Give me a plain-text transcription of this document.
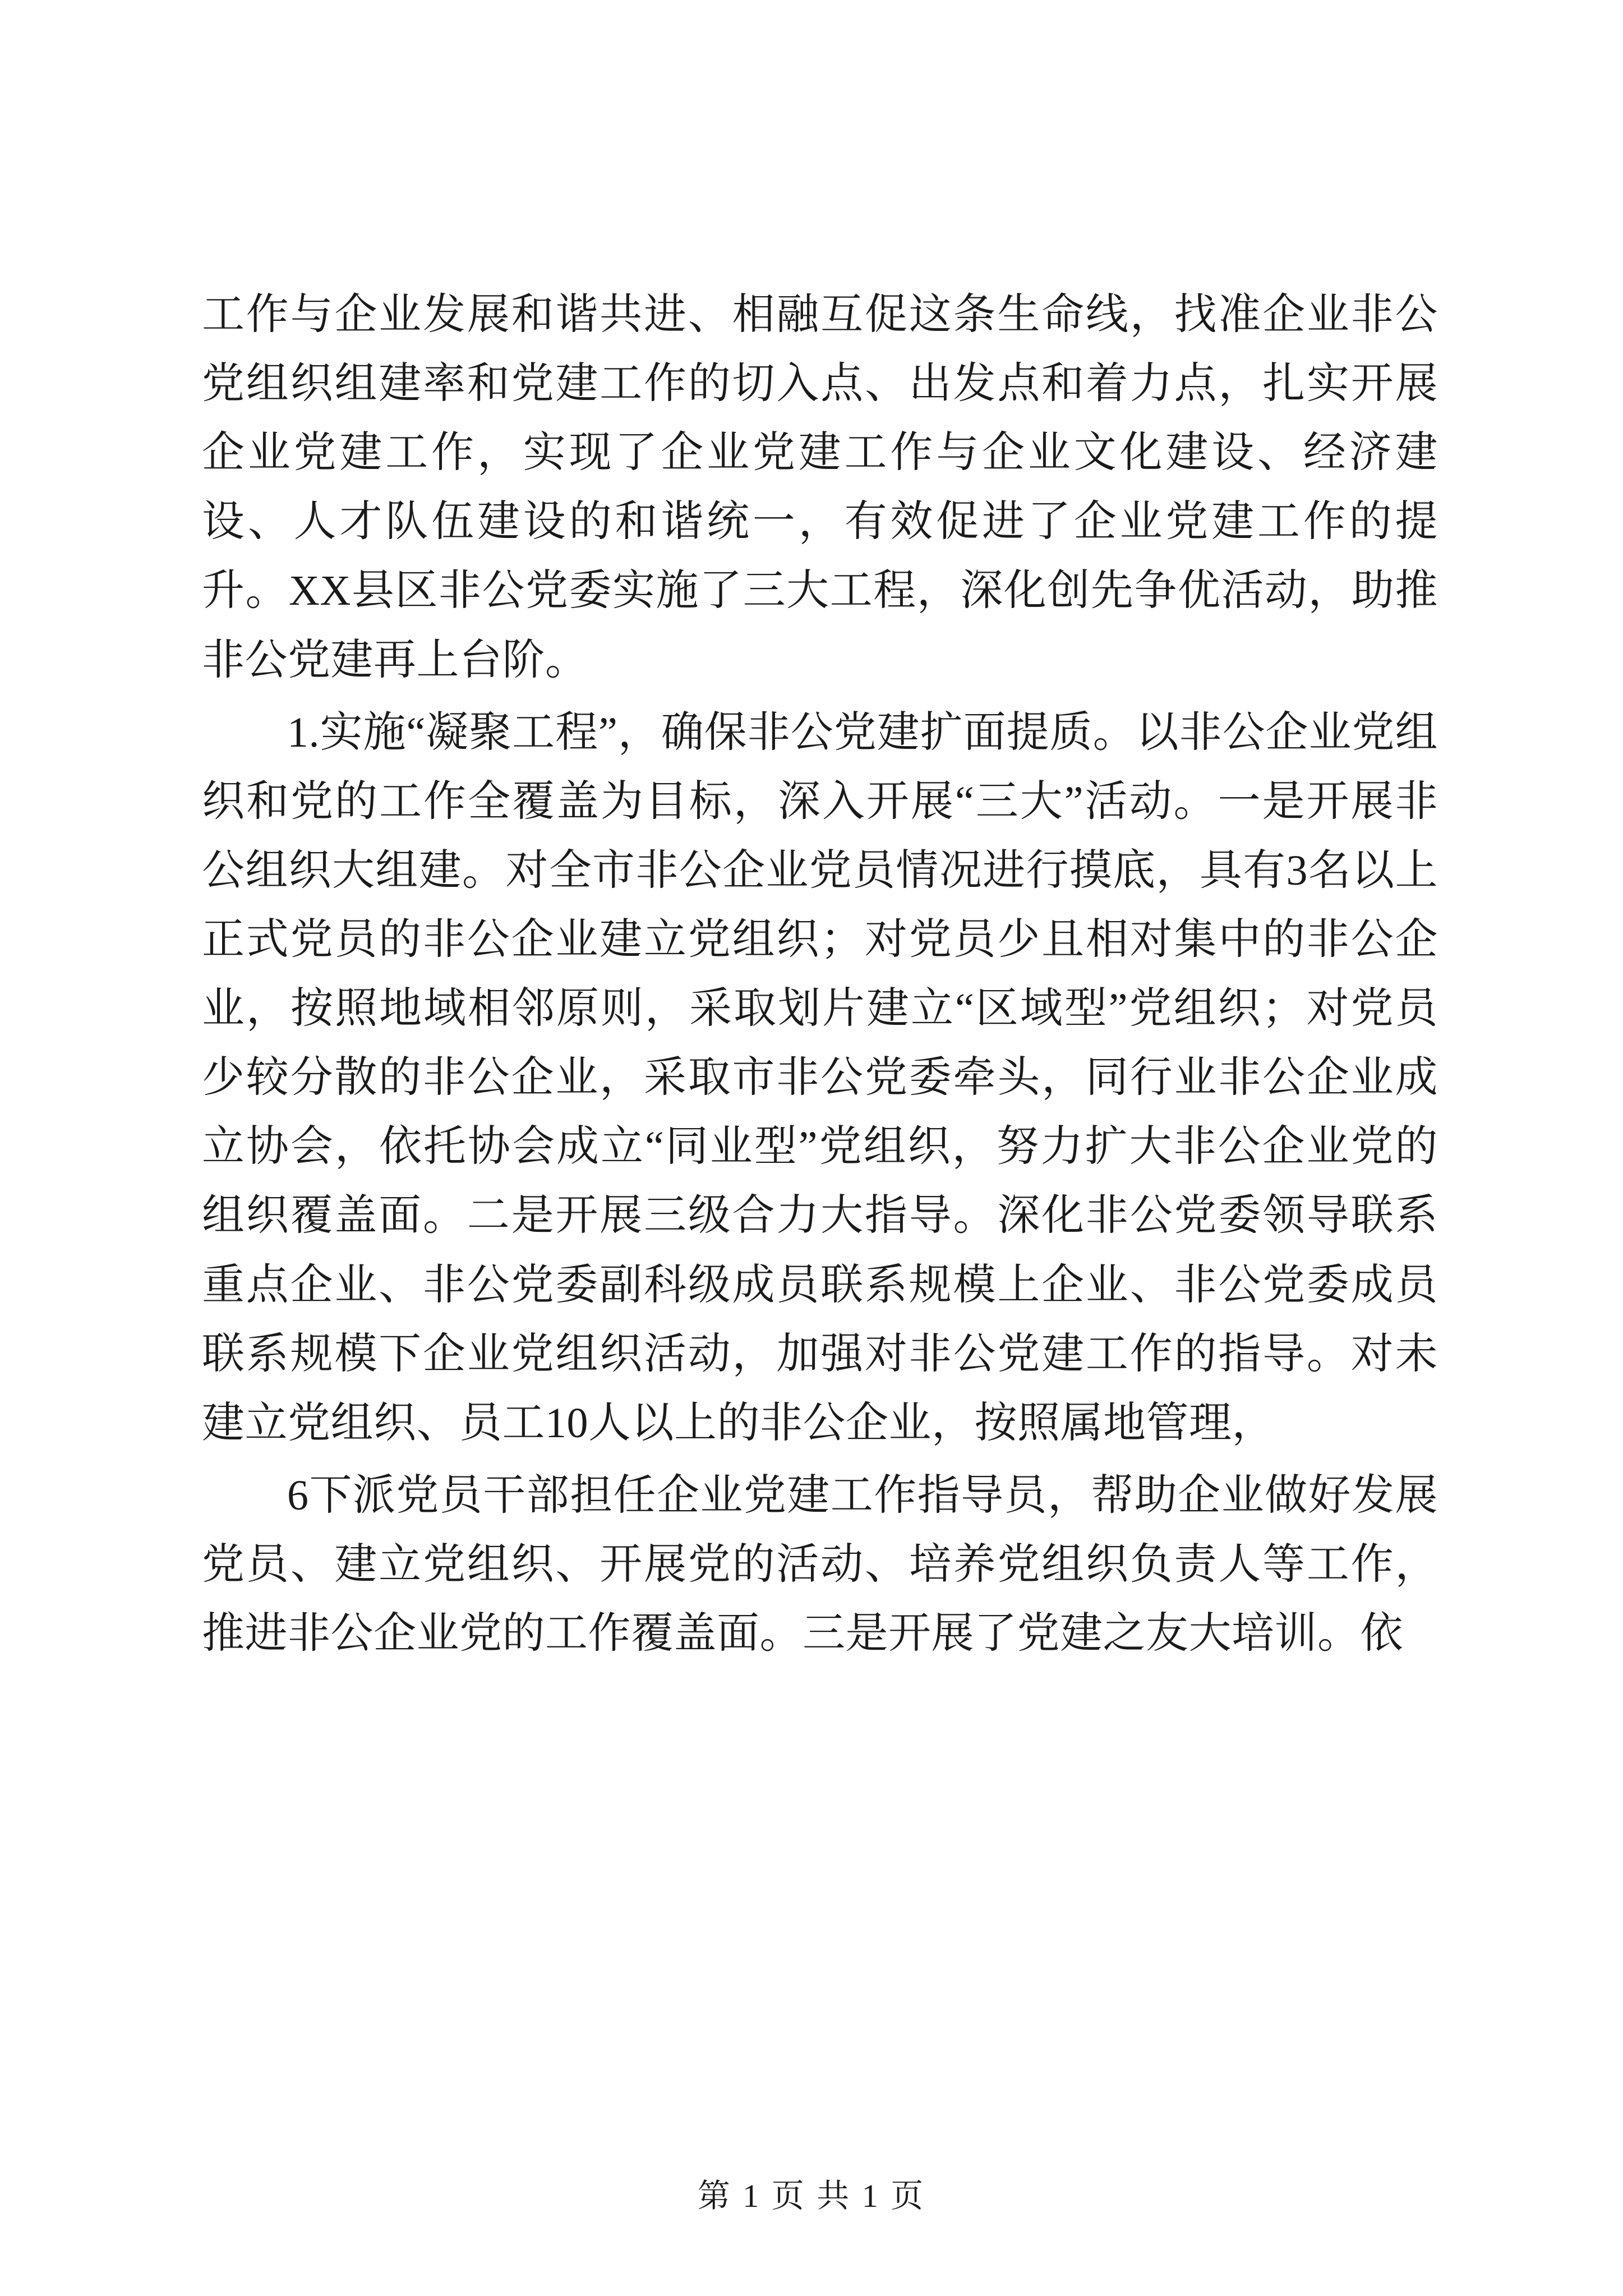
工作与企业发展和谐共进、相融互促这条生命线，找准企业非公党组织组建率和党建工作的切入点、出发点和着力点，扎实开展企业党建工作，实现了企业党建工作与企业文化建设、经济建设、人才队伍建设的和谐统一，有效促进了企业党建工作的提升。XX县区非公党委实施了三大工程，深化创先争优活动，助推非公党建再上台阶。

1.实施“凝聚工程”，确保非公党建扩面提质。以非公企业党组织和党的工作全覆盖为目标，深入开展“三大”活动。一是开展非公组织大组建。对全市非公企业党员情况进行摸底，具有3名以上正式党员的非公企业建立党组织；对党员少且相对集中的非公企业，按照地域相邻原则，采取划片建立“区域型”党组织；对党员少较分散的非公企业，采取市非公党委牵头，同行业非公企业成立协会，依托协会成立“同业型”党组织，努力扩大非公企业党的组织覆盖面。二是开展三级合力大指导。深化非公党委领导联系重点企业、非公党委副科级成员联系规模上企业、非公党委成员联系规模下企业党组织活动，加强对非公党建工作的指导。对未建立党组织、员工10人以上的非公企业，按照属地管理，

6下派党员干部担任企业党建工作指导员，帮助企业做好发展党员、建立党组织、开展党的活动、培养党组织负责人等工作，推进非公企业党的工作覆盖面。三是开展了党建之友大培训。依

第 1 页 共 1 页
